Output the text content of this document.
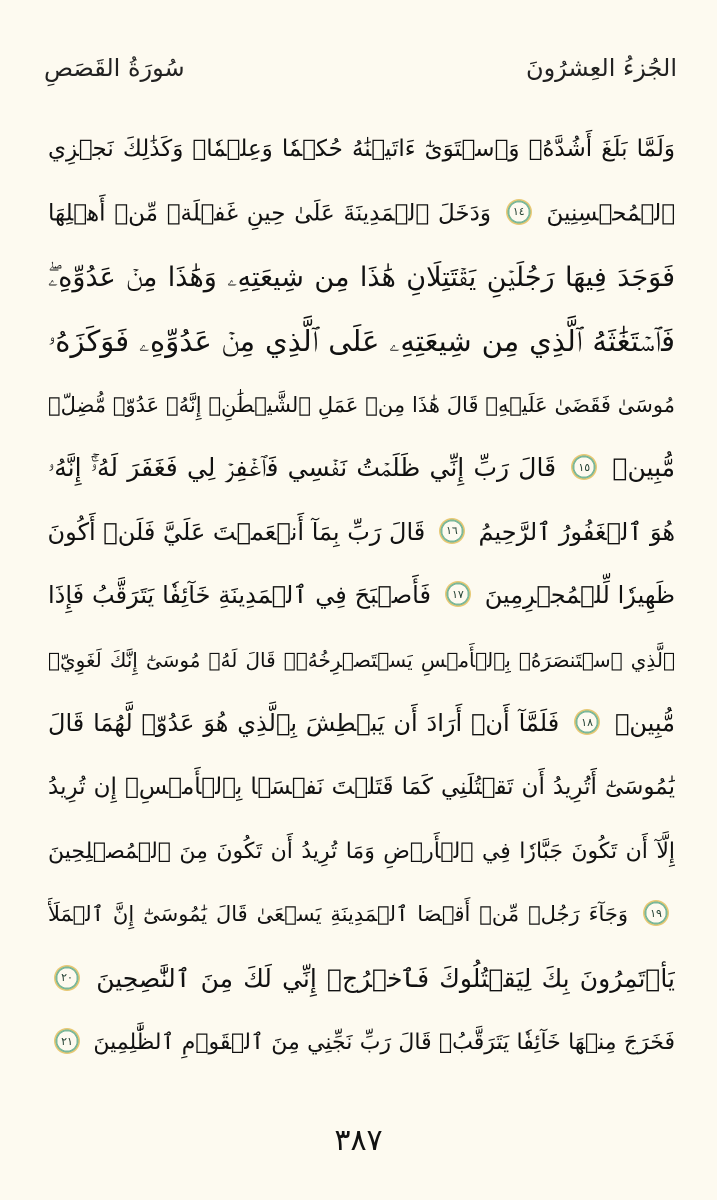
الجُزءُ العِشرُونَ
سُورَةُ القَصَصِ
وَلَمَّا بَلَغَ أَشُدَّهُۥ وَٱسۡتَوَىٰٓ ءَاتَيۡنَٰهُ حُكۡمٗا وَعِلۡمٗاۚ وَكَذَٰلِكَ نَجۡزِي
ٱلۡمُحۡسِنِينَ
١٤
وَدَخَلَ ٱلۡمَدِينَةَ عَلَىٰ حِينِ غَفۡلَةٖ مِّنۡ أَهۡلِهَا
فَوَجَدَ فِيهَا رَجُلَيۡنِ يَقۡتَتِلَانِ هَٰذَا مِن شِيعَتِهِۦ وَهَٰذَا مِنۡ عَدُوِّهِۦۖ
فَٱسۡتَغَٰثَهُ ٱلَّذِي مِن شِيعَتِهِۦ عَلَى ٱلَّذِي مِنۡ عَدُوِّهِۦ فَوَكَزَهُۥ
مُوسَىٰ فَقَضَىٰ عَلَيۡهِۖ قَالَ هَٰذَا مِنۡ عَمَلِ ٱلشَّيۡطَٰنِۖ إِنَّهُۥ عَدُوّٞ مُّضِلّٞ
مُّبِينٞ
١٥
قَالَ رَبِّ إِنِّي ظَلَمۡتُ نَفۡسِي فَٱغۡفِرۡ لِي فَغَفَرَ لَهُۥٓۚ إِنَّهُۥ
هُوَ ٱلۡغَفُورُ ٱلرَّحِيمُ
١٦
قَالَ رَبِّ بِمَآ أَنۡعَمۡتَ عَلَيَّ فَلَنۡ أَكُونَ
ظَهِيرٗا لِّلۡمُجۡرِمِينَ
١٧
فَأَصۡبَحَ فِي ٱلۡمَدِينَةِ خَآئِفٗا يَتَرَقَّبُ فَإِذَا
ٱلَّذِي ٱسۡتَنصَرَهُۥ بِٱلۡأَمۡسِ يَسۡتَصۡرِخُهُۥۚ قَالَ لَهُۥ مُوسَىٰٓ إِنَّكَ لَغَوِيّٞ
مُّبِينٞ
١٨
فَلَمَّآ أَنۡ أَرَادَ أَن يَبۡطِشَ بِٱلَّذِي هُوَ عَدُوّٞ لَّهُمَا قَالَ
يَٰمُوسَىٰٓ أَتُرِيدُ أَن تَقۡتُلَنِي كَمَا قَتَلۡتَ نَفۡسَۢا بِٱلۡأَمۡسِۖ إِن تُرِيدُ
إِلَّآ أَن تَكُونَ جَبَّارٗا فِي ٱلۡأَرۡضِ وَمَا تُرِيدُ أَن تَكُونَ مِنَ ٱلۡمُصۡلِحِينَ
١٩
وَجَآءَ رَجُلٞ مِّنۡ أَقۡصَا ٱلۡمَدِينَةِ يَسۡعَىٰ قَالَ يَٰمُوسَىٰٓ إِنَّ ٱلۡمَلَأَ
يَأۡتَمِرُونَ بِكَ لِيَقۡتُلُوكَ فَٱخۡرُجۡ إِنِّي لَكَ مِنَ ٱلنَّٰصِحِينَ
٢٠
فَخَرَجَ مِنۡهَا خَآئِفٗا يَتَرَقَّبُۖ قَالَ رَبِّ نَجِّنِي مِنَ ٱلۡقَوۡمِ ٱلظَّٰلِمِينَ
٢١
٣٨٧
